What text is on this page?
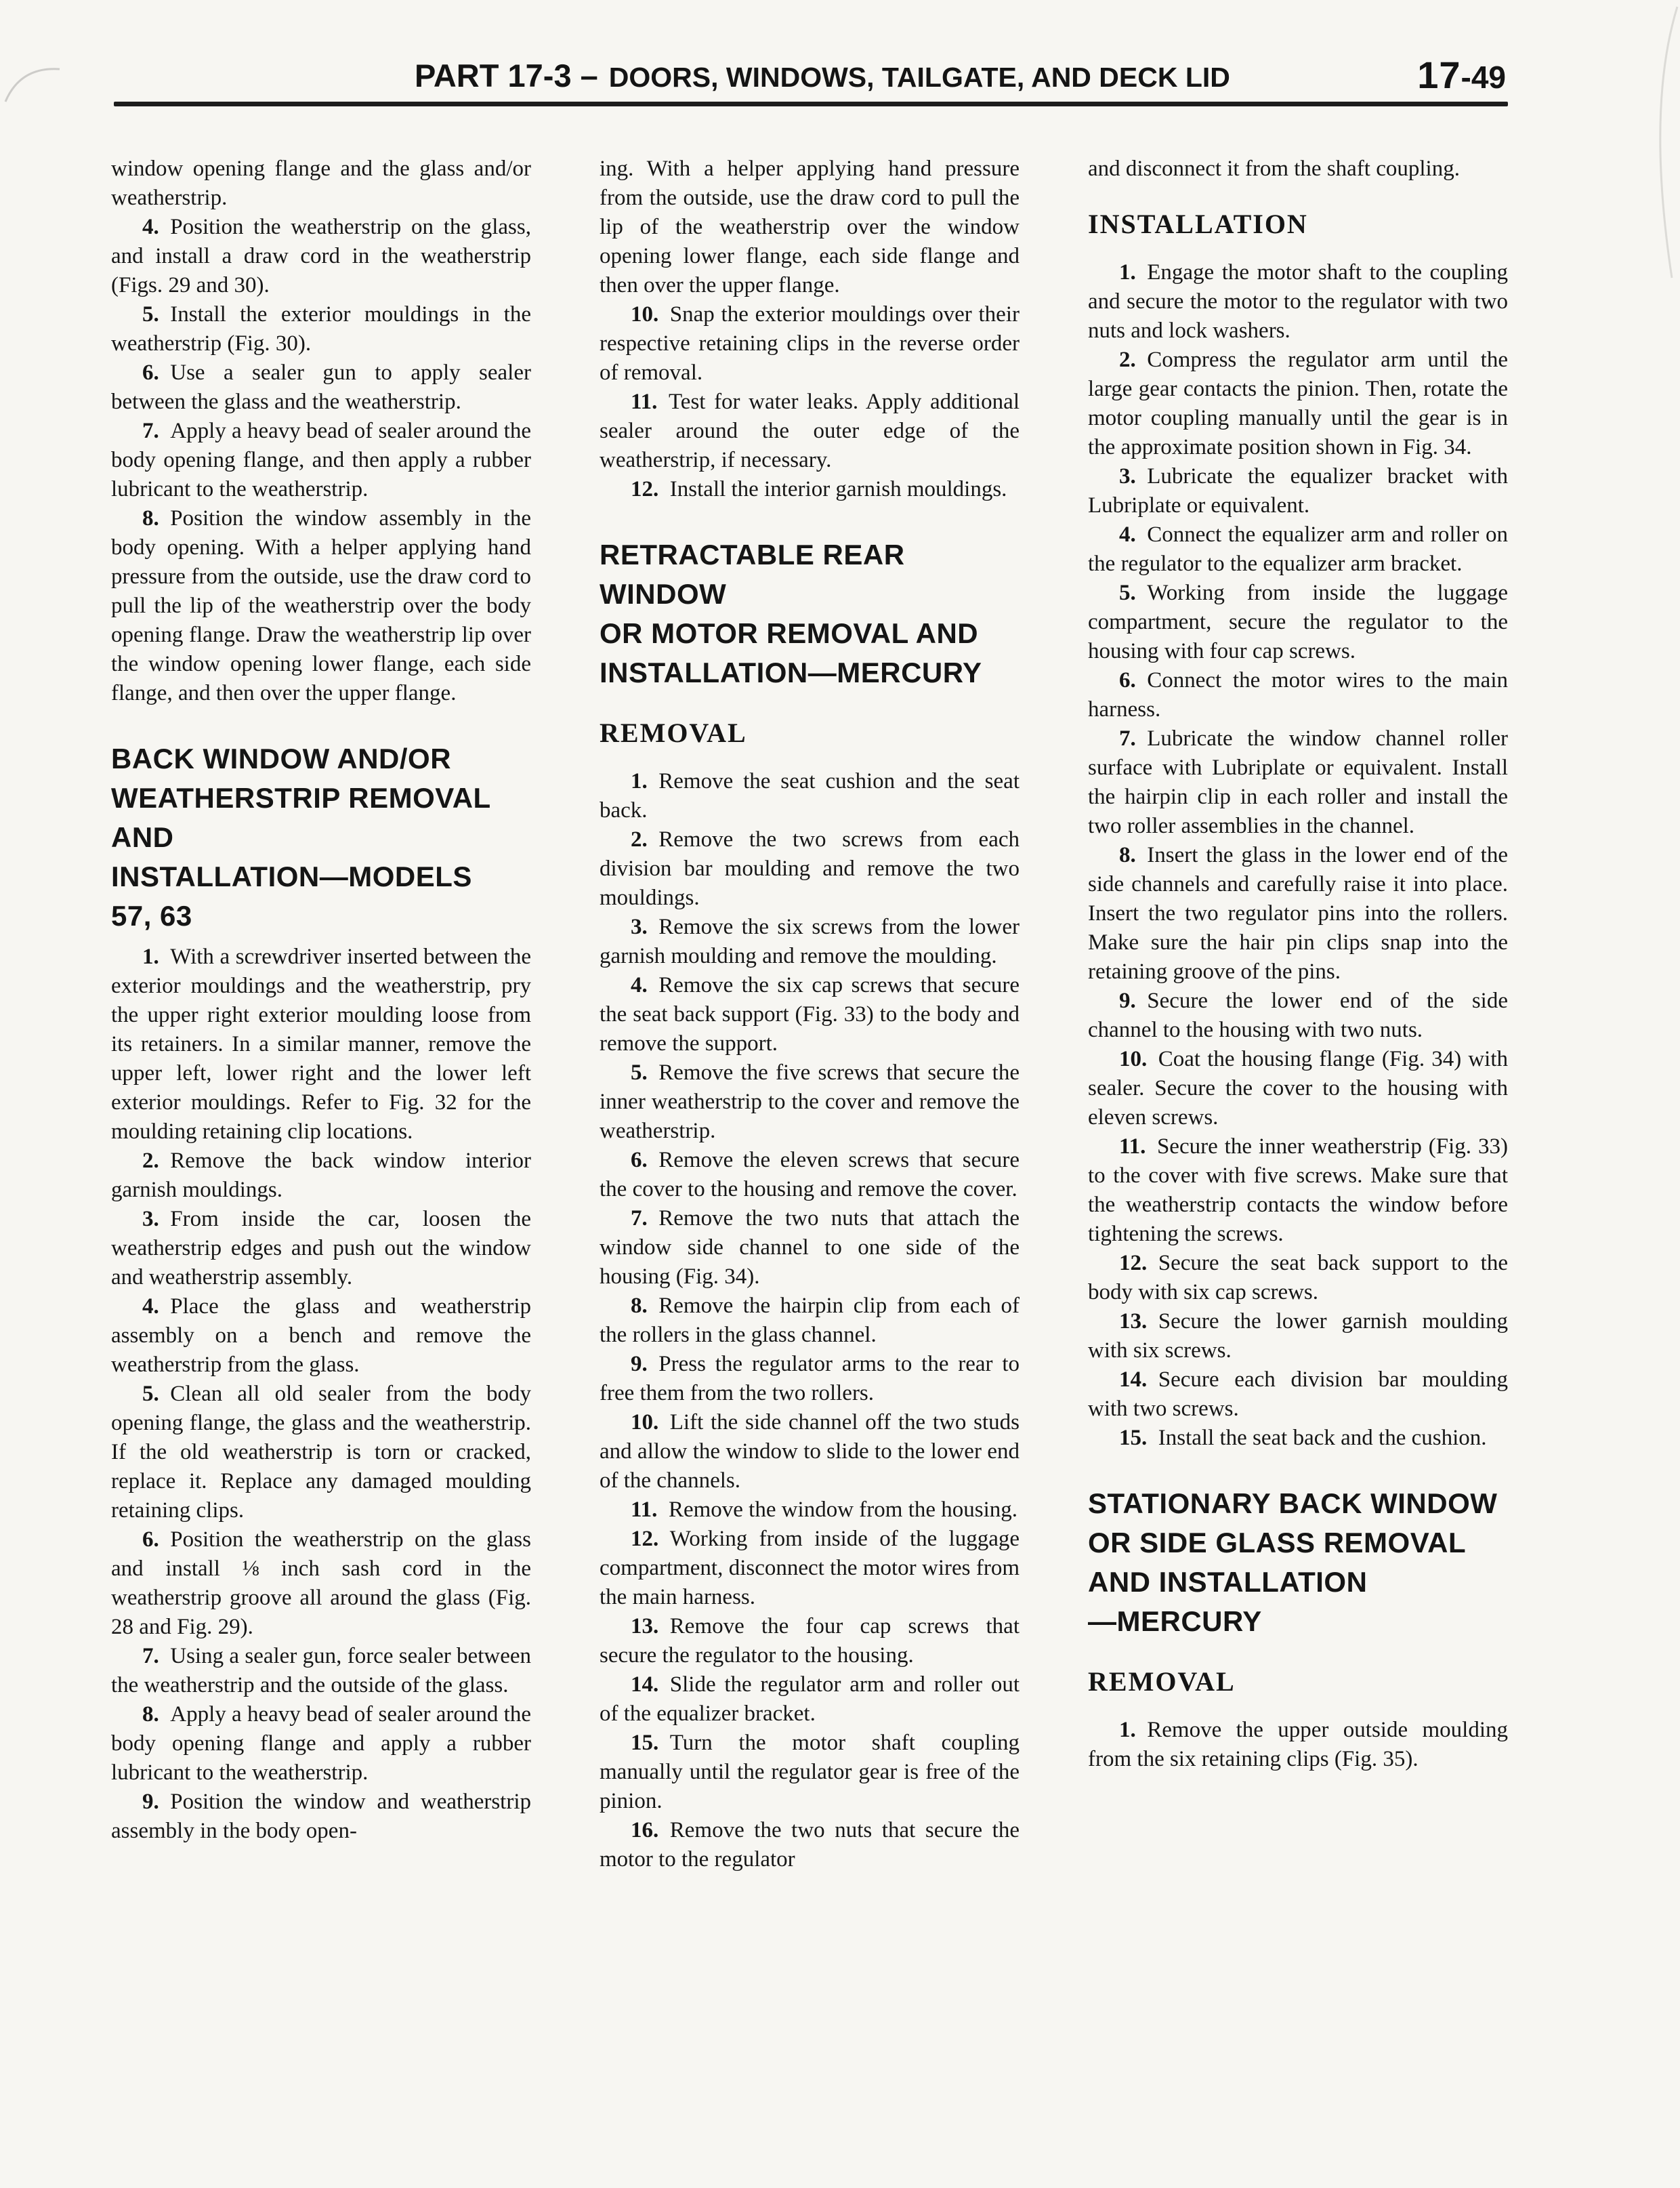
PART 17-3 – DOORS, WINDOWS, TAILGATE, AND DECK LID	17-49

window opening flange and the glass and/or weatherstrip.

4. Position the weatherstrip on the glass, and install a draw cord in the weatherstrip (Figs. 29 and 30).

5. Install the exterior mouldings in the weatherstrip (Fig. 30).

6. Use a sealer gun to apply sealer between the glass and the weatherstrip.

7. Apply a heavy bead of sealer around the body opening flange, and then apply a rubber lubricant to the weatherstrip.

8. Position the window assembly in the body opening. With a helper applying hand pressure from the outside, use the draw cord to pull the lip of the weatherstrip over the body opening flange. Draw the weatherstrip lip over the window opening lower flange, each side flange, and then over the upper flange.

BACK WINDOW AND/OR
WEATHERSTRIP REMOVAL AND
INSTALLATION—MODELS
57, 63

1. With a screwdriver inserted between the exterior mouldings and the weatherstrip, pry the upper right exterior moulding loose from its retainers. In a similar manner, remove the upper left, lower right and the lower left exterior mouldings. Refer to Fig. 32 for the moulding retaining clip locations.

2. Remove the back window interior garnish mouldings.

3. From inside the car, loosen the weatherstrip edges and push out the window and weatherstrip assembly.

4. Place the glass and weatherstrip assembly on a bench and remove the weatherstrip from the glass.

5. Clean all old sealer from the body opening flange, the glass and the weatherstrip. If the old weatherstrip is torn or cracked, replace it. Replace any damaged moulding retaining clips.

6. Position the weatherstrip on the glass and install ⅛ inch sash cord in the weatherstrip groove all around the glass (Fig. 28 and Fig. 29).

7. Using a sealer gun, force sealer between the weatherstrip and the outside of the glass.

8. Apply a heavy bead of sealer around the body opening flange and apply a rubber lubricant to the weatherstrip.

9. Position the window and weatherstrip assembly in the body open-

ing. With a helper applying hand pressure from the outside, use the draw cord to pull the lip of the weatherstrip over the window opening lower flange, each side flange and then over the upper flange.

10. Snap the exterior mouldings over their respective retaining clips in the reverse order of removal.

11. Test for water leaks. Apply additional sealer around the outer edge of the weatherstrip, if necessary.

12. Install the interior garnish mouldings.

RETRACTABLE REAR WINDOW
OR MOTOR REMOVAL AND
INSTALLATION—MERCURY
REMOVAL

1. Remove the seat cushion and the seat back.

2. Remove the two screws from each division bar moulding and remove the two mouldings.

3. Remove the six screws from the lower garnish moulding and remove the moulding.

4. Remove the six cap screws that secure the seat back support (Fig. 33) to the body and remove the support.

5. Remove the five screws that secure the inner weatherstrip to the cover and remove the weatherstrip.

6. Remove the eleven screws that secure the cover to the housing and remove the cover.

7. Remove the two nuts that attach the window side channel to one side of the housing (Fig. 34).

8. Remove the hairpin clip from each of the rollers in the glass channel.

9. Press the regulator arms to the rear to free them from the two rollers.

10. Lift the side channel off the two studs and allow the window to slide to the lower end of the channels.

11. Remove the window from the housing.

12. Working from inside of the luggage compartment, disconnect the motor wires from the main harness.

13. Remove the four cap screws that secure the regulator to the housing.

14. Slide the regulator arm and roller out of the equalizer bracket.

15. Turn the motor shaft coupling manually until the regulator gear is free of the pinion.

16. Remove the two nuts that secure the motor to the regulator

and disconnect it from the shaft coupling.

INSTALLATION

1. Engage the motor shaft to the coupling and secure the motor to the regulator with two nuts and lock washers.

2. Compress the regulator arm until the large gear contacts the pinion. Then, rotate the motor coupling manually until the gear is in the approximate position shown in Fig. 34.

3. Lubricate the equalizer bracket with Lubriplate or equivalent.

4. Connect the equalizer arm and roller on the regulator to the equalizer arm bracket.

5. Working from inside the luggage compartment, secure the regulator to the housing with four cap screws.

6. Connect the motor wires to the main harness.

7. Lubricate the window channel roller surface with Lubriplate or equivalent. Install the hairpin clip in each roller and install the two roller assemblies in the channel.

8. Insert the glass in the lower end of the side channels and carefully raise it into place. Insert the two regulator pins into the rollers. Make sure the hair pin clips snap into the retaining groove of the pins.

9. Secure the lower end of the side channel to the housing with two nuts.

10. Coat the housing flange (Fig. 34) with sealer. Secure the cover to the housing with eleven screws.

11. Secure the inner weatherstrip (Fig. 33) to the cover with five screws. Make sure that the weatherstrip contacts the window before tightening the screws.

12. Secure the seat back support to the body with six cap screws.

13. Secure the lower garnish moulding with six screws.

14. Secure each division bar moulding with two screws.

15. Install the seat back and the cushion.

STATIONARY BACK WINDOW
OR SIDE GLASS REMOVAL
AND INSTALLATION
—MERCURY
REMOVAL

1. Remove the upper outside moulding from the six retaining clips (Fig. 35).
